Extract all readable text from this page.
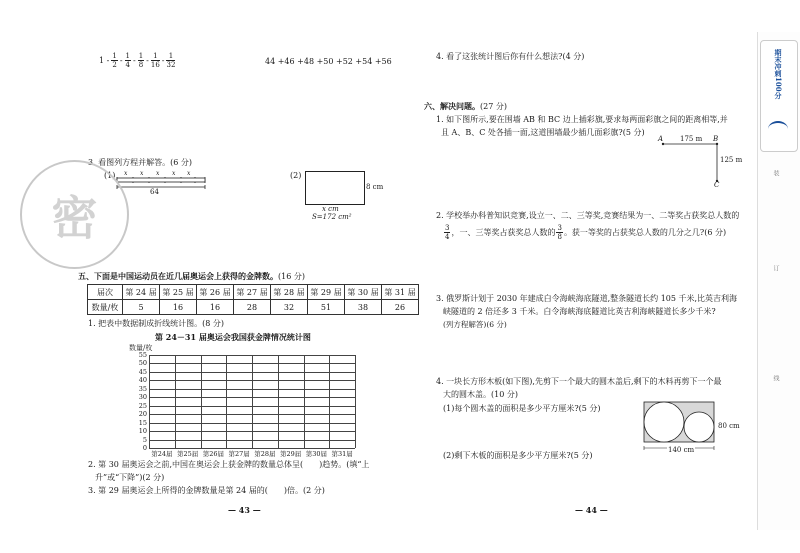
$1 - \frac{1}{2} - \frac{1}{4} - \frac{1}{8} - \frac{1}{16} - \frac{1}{32}$	44 +46 +48 +50 +52 +54 +56
3. 看图列方程并解答。(6 分)
(1) x x x x x
64
(2)
8 cm
x cm
S=172 cm²
密
五、下面是中国运动员在近几届奥运会上获得的金牌数。(16 分)
届次	第 24 届	第 25 届	第 26 届	第 27 届	第 28 届	第 29 届	第 30 届	第 31 届
数量/枚	5	16	16	28	32	51	38	26
1. 把表中数据制成折线统计图。(8 分)
第 24－31 届奥运会我国获金牌情况统计图
数量/枚
55
50
45
40
35
30
25
20
15
10
5
0
第24届 第25届 第26届 第27届 第28届 第29届 第30届 第31届
2. 第 30 届奥运会之前,中国在奥运会上获金牌的数量总体呈(　　)趋势。(填“上
升”或“下降”)(2 分)
3. 第 29 届奥运会上所得的金牌数量是第 24 届的(　　)倍。(2 分)
— 43 —
4. 看了这张统计图后你有什么想法?(4 分)
六、解决问题。(27 分)
1. 如下图所示,要在围墙 AB 和 BC 边上插彩旗,要求每两面彩旗之间的距离相等,并
且 A、B、C 处各插一面,这道围墙最少插几面彩旗?(5 分)
A 175 m B
125 m
C
2. 学校举办科普知识竞赛,设立一、二、三等奖,竞赛结果为一、二等奖占获奖总人数的
$\frac{3}{4}$ ，一、三等奖占获奖总人数的 $\frac{3}{8}$ 。获一等奖的占获奖总人数的几分之几?(6 分)
3. 俄罗斯计划于 2030 年建成白令海峡海底隧道,整条隧道长约 105 千米,比英吉利海
峡隧道的 2 倍还多 3 千米。白令海峡海底隧道比英吉利海峡隧道长多少千米?
(列方程解答)(6 分)
4. 一块长方形木板(如下图),先剪下一个最大的圆木盖后,剩下的木料再剪下一个最
大的圆木盖。(10 分)
(1)每个圆木盖的面积是多少平方厘米?(5 分)
(2)剩下木板的面积是多少平方厘米?(5 分)
80 cm
140 cm
— 44 —
期末冲刺100分
装
订
线
